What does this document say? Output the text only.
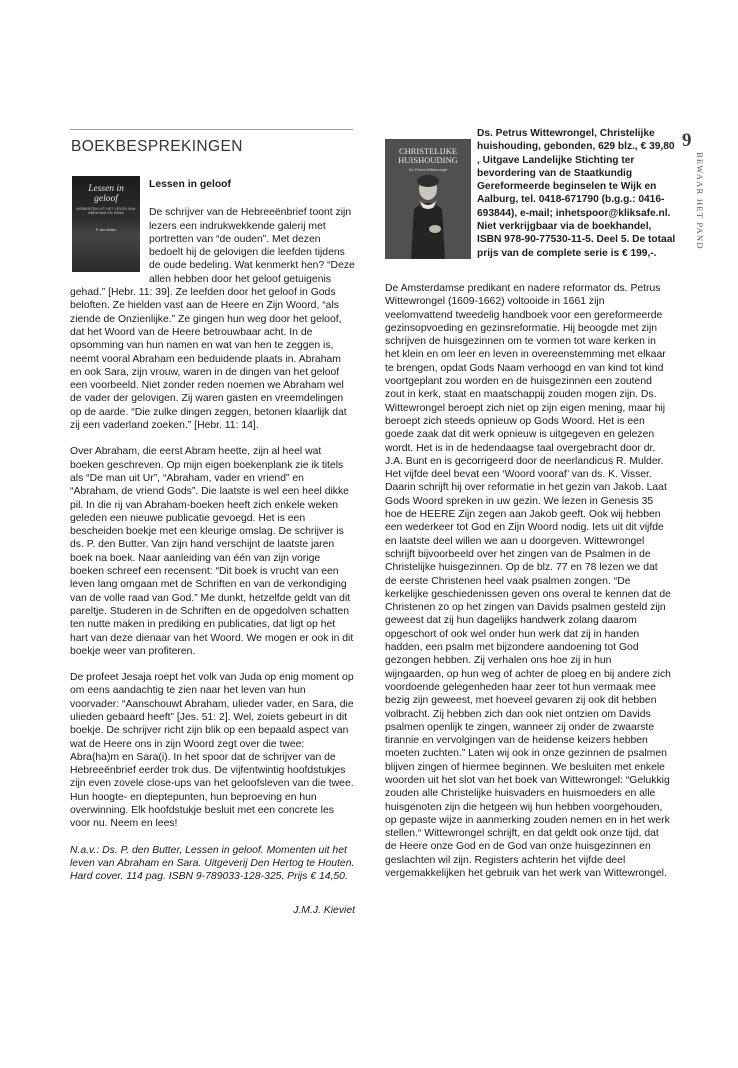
BOEKBESPREKINGEN
Lessen in geloof
MOMENTEN UIT HET LEVEN VAN ABRAHAM EN SARA
P. den Butter
Lessen in geloof
De schrijver van de Hebreeënbrief toont zijn lezers een indrukwekkende galerij met portretten van “de ouden”. Met dezen bedoelt hij de gelovigen die leefden tijdens de oude bedeling. Wat kenmerkt hen? “Deze allen hebben door het geloof getuigenis gehad.” [Hebr. 11: 39]. Ze leefden door het geloof in Gods beloften. Ze hielden vast aan de Heere en Zijn Woord, “als ziende de Onzienlijke.” Ze gingen hun weg door het geloof, dat het Woord van de Heere betrouwbaar acht. In de opsomming van hun namen en wat van hen te zeggen is, neemt vooral Abraham een beduidende plaats in. Abraham en ook Sara, zijn vrouw, waren in de dingen van het geloof een voorbeeld. Niet zonder reden noemen we Abraham wel de vader der gelovigen. Zij waren gasten en vreemdelingen op de aarde. “Die zulke dingen zeggen, betonen klaarlijk dat zij een vaderland zoeken.” [Hebr. 11: 14].
Over Abraham, die eerst Abram heette, zijn al heel wat boeken geschreven. Op mijn eigen boekenplank zie ik titels als “De man uit Ur”, “Abraham, vader en vriend” en “Abraham, de vriend Gods”. Die laatste is wel een heel dikke pil. In die rij van Abraham-boeken heeft zich enkele weken geleden een nieuwe publicatie gevoegd. Het is een bescheiden boekje met een kleurige omslag. De schrijver is ds. P. den Butter. Van zijn hand verschijnt de laatste jaren boek na boek. Naar aanleiding van één van zijn vorige boeken schreef een recensent: “Dit boek is vrucht van een leven lang omgaan met de Schriften en van de verkondiging van de volle raad van God.” Me dunkt, hetzelfde geldt van dit pareltje. Studeren in de Schriften en de opgedolven schatten ten nutte maken in prediking en publicaties, dat ligt op het hart van deze dienaar van het Woord. We mogen er ook in dit boekje weer van profiteren.
De profeet Jesaja roept het volk van Juda op enig moment op om eens aandachtig te zien naar het leven van hun voorvader: “Aanschouwt Abraham, ulieder vader, en Sara, die ulieden gebaard heeft” [Jes. 51: 2]. Wel, zoiets gebeurt in dit boekje. De schrijver richt zijn blik op een bepaald aspect van wat de Heere ons in zijn Woord zegt over die twee: Abra(ha)m en Sara(i). In het spoor dat de schrijver van de Hebreeënbrief eerder trok dus. De vijfentwintig hoofdstukjes zijn even zovele close-ups van het geloofsleven van die twee. Hun hoogte- en dieptepunten, hun beproeving en hun overwinning. Elk hoofdstukje besluit met een concrete les voor nu. Neem en lees!
N.a.v.: Ds. P. den Butter, Lessen in geloof. Momenten uit het leven van Abraham en Sara. Uitgeverij Den Hertog te Houten. Hard cover. 114 pag. ISBN 9-789033-128-325. Prijs € 14,50.
J.M.J. Kieviet
CHRISTELIJKE HUISHOUDING
Ds. Petrus Wittewrongel
Ds. Petrus Wittewrongel, Christelijke huishouding, gebonden, 629 blz., € 39,80 , Uitgave Landelijke Stichting ter bevordering van de Staatkundig Gereformeerde beginselen te Wijk en Aalburg, tel. 0418-671790 (b.g.g.: 0416-693844), e-mail; inhetspoor@kliksafe.nl. Niet verkrijgbaar via de boekhandel, ISBN 978-90-77530-11-5. Deel 5. De totaal prijs van de complete serie is € 199,-.
De Amsterdamse predikant en nadere reformator ds. Petrus Wittewrongel (1609-1662) voltooide in 1661 zijn veelomvattend tweedelig handboek voor een gereformeerde gezinsopvoeding en gezinsreformatie. Hij beoogde met zijn schrijven de huisgezinnen om te vormen tot ware kerken in het klein en om leer en leven in overeenstemming met elkaar te brengen, opdat Gods Naam verhoogd en van kind tot kind voortgeplant zou worden en de huisgezinnen een zoutend zout in kerk, staat en maatschappij zouden mogen zijn. Ds. Wittewrongel beroept zich niet op zijn eigen mening, maar hij beroept zich steeds opnieuw op Gods Woord. Het is een goede zaak dat dit werk opnieuw is uitgegeven en gelezen wordt. Het is in de hedendaagse taal overgebracht door dr. J.A. Bunt en is gecorrigeerd door de neerlandicus R. Mulder. Het vijfde deel bevat een ‘Woord vooraf’ van ds. K. Visser. Daarin schrijft hij over reformatie in het gezin van Jakob. Laat Gods Woord spreken in uw gezin. We lezen in Genesis 35 hoe de HEERE Zijn zegen aan Jakob geeft. Ook wij hebben een wederkeer tot God en Zijn Woord nodig. Iets uit dit vijfde en laatste deel willen we aan u doorgeven. Wittewrongel schrijft bijvoorbeeld over het zingen van de Psalmen in de Christelijke huisgezinnen. Op de blz. 77 en 78 lezen we dat de eerste Christenen heel vaak psalmen zongen. “De kerkelijke geschiedenissen geven ons overal te kennen dat de Christenen zo op het zingen van Davids psalmen gesteld zijn geweest dat zij hun dagelijks handwerk zolang daarom opgeschort of ook wel onder hun werk dat zij in handen hadden, een psalm met bijzondere aandoening tot God gezongen hebben. Zij verhalen ons hoe zij in hun wijngaarden, op hun weg of achter de ploeg en bij andere zich voordoende gelegenheden haar zeer tot hun vermaak mee bezig zijn geweest, met hoeveel gevaren zij ook dit hebben volbracht. Zij hebben zich dan ook niet ontzien om Davids psalmen openlijk te zingen, wanneer zij onder de zwaarste tirannie en vervolgingen van de heidense keizers hebben moeten zuchten.” Laten wij ook in onze gezinnen de psalmen blijven zingen of hiermee beginnen. We besluiten met enkele woorden uit het slot van het boek van Wittewrongel: “Gelukkig zouden alle Christelijke huisvaders en huismoeders en alle huisgenoten zijn die hetgeen wij hun hebben voorgehouden, op gepaste wijze in aanmerking zouden nemen en in het werk stellen.“ Wittewrongel schrijft, en dat geldt ook onze tijd, dat de Heere onze God en de God van onze huisgezinnen en geslachten wil zijn. Registers achterin het vijfde deel vergemakkelijken het gebruik van het werk van Wittewrongel.
9
BEWAAR HET PAND
